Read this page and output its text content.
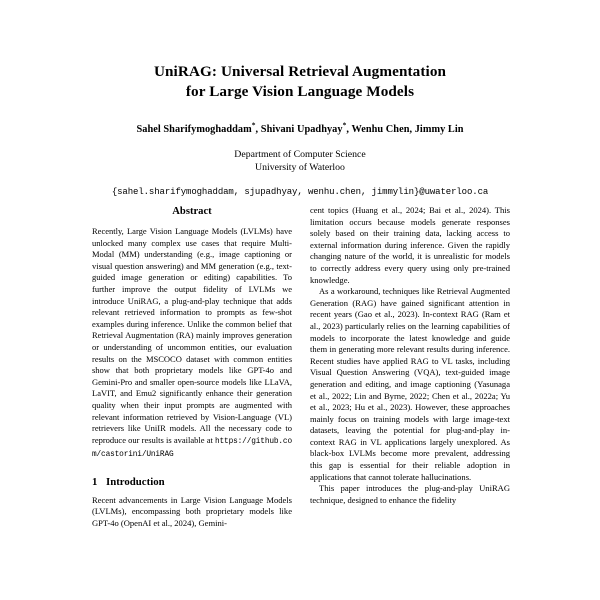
UniRAG: Universal Retrieval Augmentation
for Large Vision Language Models
Sahel Sharifymoghaddam*, Shivani Upadhyay*, Wenhu Chen, Jimmy Lin
Department of Computer Science
University of Waterloo
{sahel.sharifymoghaddam, sjupadhyay, wenhu.chen, jimmylin}@uwaterloo.ca
Abstract

Recently, Large Vision Language Models (LVLMs) have unlocked many complex use cases that require Multi-Modal (MM) understanding (e.g., image captioning or visual question answering) and MM generation (e.g., text-guided image generation or editing) capabilities. To further improve the output fidelity of LVLMs we introduce UniRAG, a plug-and-play technique that adds relevant retrieved information to prompts as few-shot examples during inference. Unlike the common belief that Retrieval Augmentation (RA) mainly improves generation or understanding of uncommon entities, our evaluation results on the MSCOCO dataset with common entities show that both proprietary models like GPT-4o and Gemini-Pro and smaller open-source models like LLaVA, LaVIT, and Emu2 significantly enhance their generation quality when their input prompts are augmented with relevant information retrieved by Vision-Language (VL) retrievers like UniIR models. All the necessary code to reproduce our results is available at https://github.com/castorini/UniRAG

1 Introduction

Recent advancements in Large Vision Language Models (LVLMs), encompassing both proprietary models like GPT-4o (OpenAI et al., 2024), Gemini-

cent topics (Huang et al., 2024; Bai et al., 2024). This limitation occurs because models generate responses solely based on their training data, lacking access to external information during inference. Given the rapidly changing nature of the world, it is unrealistic for models to correctly address every query using only pre-trained knowledge.

As a workaround, techniques like Retrieval Augmented Generation (RAG) have gained significant attention in recent years (Gao et al., 2023). In-context RAG (Ram et al., 2023) particularly relies on the learning capabilities of models to incorporate the latest knowledge and guide them in generating more relevant results during inference. Recent studies have applied RAG to VL tasks, including Visual Question Answering (VQA), text-guided image generation and editing, and image captioning (Yasunaga et al., 2022; Lin and Byrne, 2022; Chen et al., 2022a; Yu et al., 2023; Hu et al., 2023). However, these approaches mainly focus on training models with large image-text datasets, leaving the potential for plug-and-play in-context RAG in VL applications largely unexplored. As black-box LVLMs become more prevalent, addressing this gap is essential for their reliable adoption in applications that cannot tolerate hallucinations.

This paper introduces the plug-and-play UniRAG technique, designed to enhance the fidelity
